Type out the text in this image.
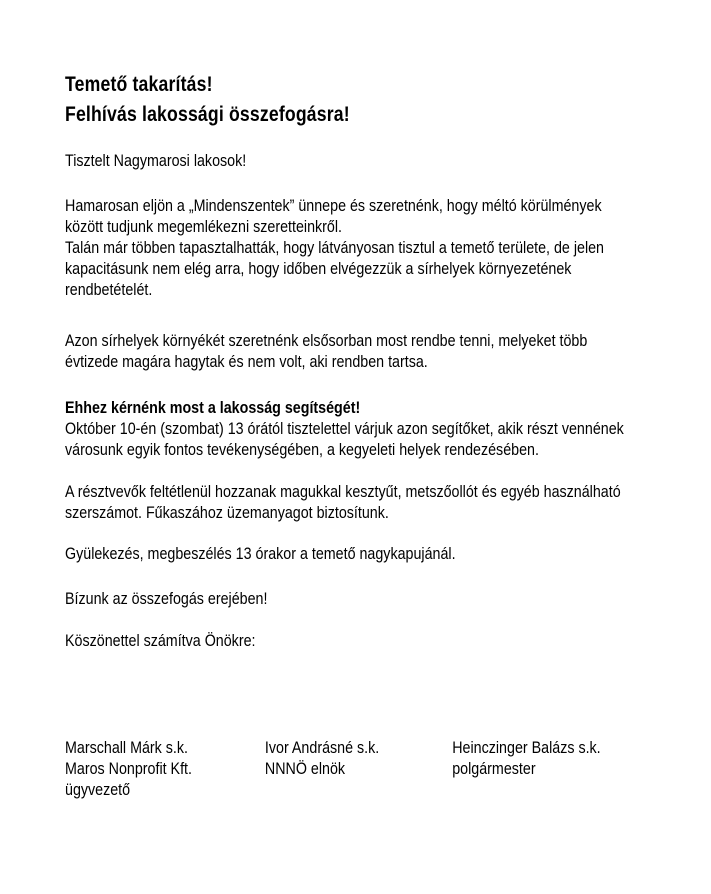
Temető takarítás!
Felhívás lakossági összefogásra!
Tisztelt Nagymarosi lakosok!
Hamarosan eljön a „Mindenszentek” ünnepe és szeretnénk, hogy méltó körülmények
között tudjunk megemlékezni szeretteinkről.
Talán már többen tapasztalhatták, hogy látványosan tisztul a temető területe, de jelen
kapacitásunk nem elég arra, hogy időben elvégezzük a sírhelyek környezetének
rendbetételét.
Azon sírhelyek környékét szeretnénk elsősorban most rendbe tenni, melyeket több
évtizede magára hagytak és nem volt, aki rendben tartsa.
Ehhez kérnénk most a lakosság segítségét!
Október 10-én (szombat) 13 órától tisztelettel várjuk azon segítőket, akik részt vennének
városunk egyik fontos tevékenységében, a kegyeleti helyek rendezésében.
A résztvevők feltétlenül hozzanak magukkal kesztyűt, metszőollót és egyéb használható
szerszámot. Fűkaszához üzemanyagot biztosítunk.
Gyülekezés, megbeszélés 13 órakor a temető nagykapujánál.
Bízunk az összefogás erejében!
Köszönettel számítva Önökre:
Marschall Márk s.k.
Maros Nonprofit Kft.
ügyvezető
Ivor Andrásné s.k.
NNNÖ elnök
Heinczinger Balázs s.k.
polgármester
